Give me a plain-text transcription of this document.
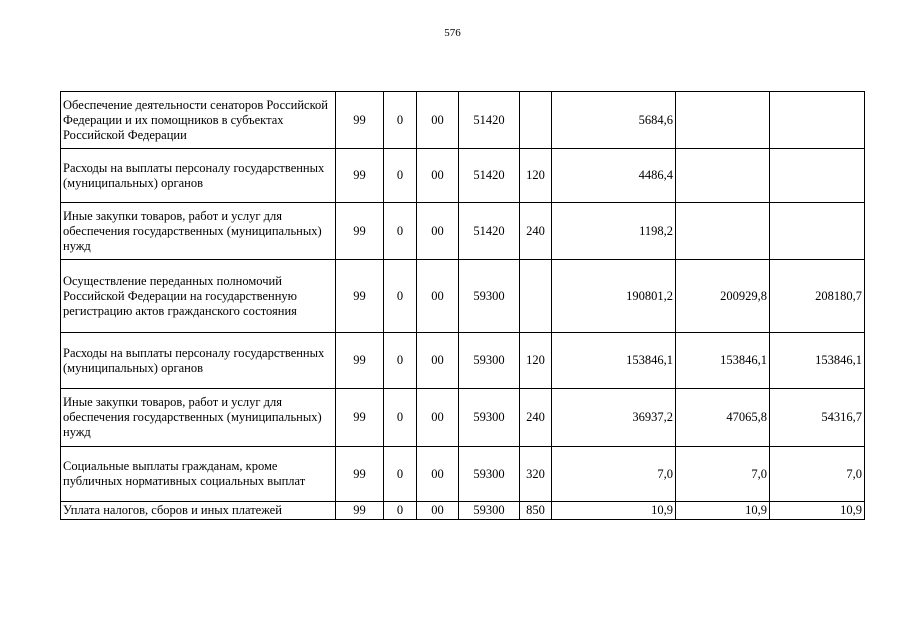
576
Обеспечение деятельности сенаторов Российской Федерации и их помощников в субъектах Российской Федерации	99	0	00	51420		5684,6		
Расходы на выплаты персоналу государственных (муниципальных) органов	99	0	00	51420	120	4486,4		
Иные закупки товаров, работ и услуг для обеспечения государственных (муниципальных) нужд	99	0	00	51420	240	1198,2		
Осуществление переданных полномочий Российской Федерации на государственную регистрацию актов гражданского состояния	99	0	00	59300		190801,2	200929,8	208180,7
Расходы на выплаты персоналу государственных (муниципальных) органов	99	0	00	59300	120	153846,1	153846,1	153846,1
Иные закупки товаров, работ и услуг для обеспечения государственных (муниципальных) нужд	99	0	00	59300	240	36937,2	47065,8	54316,7
Социальные выплаты гражданам, кроме публичных нормативных социальных выплат	99	0	00	59300	320	7,0	7,0	7,0
Уплата налогов, сборов и иных платежей	99	0	00	59300	850	10,9	10,9	10,9
